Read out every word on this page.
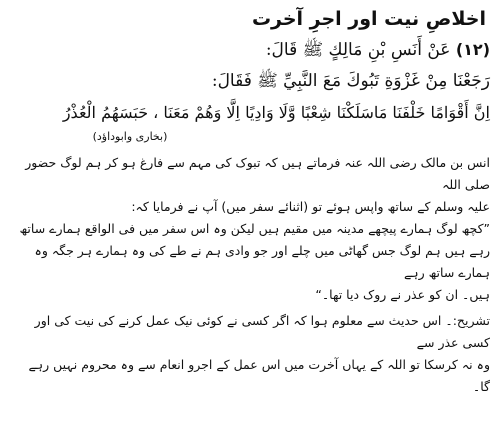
اخلاصِ نیت اور اجرِ آخرت

(۱۲) عَنْ أَنَسِ بْنِ مَالِكٍ ﷺ قَالَ:

رَجَعْنَا مِنْ غَزْوَةِ تَبُوكَ مَعَ النَّبِيِّ ﷺ فَقَالَ:

اِنَّ أَقْوَامًا خَلْفَنَا مَاسَلَكْنَا شِعْبًا وَّلَا وَادِيًا اِلَّا وَهُمْ مَعَنَا ، حَبَسَهُمُ الْعُذْرُ

(بخاری وابوداؤد)

انس بن مالک رضی اللہ عنہ فرماتے ہیں کہ تبوک کی مہم سے فارغ ہو کر ہم لوگ حضور صلی اللہ

علیہ وسلم کے ساتھ واپس ہوئے تو (اثنائے سفر میں) آپ نے فرمایا کہ:

”کچھ لوگ ہمارے پیچھے مدینہ میں مقیم ہیں لیکن وہ اس سفر میں فی الواقع ہمارے ساتھ

رہے ہیں ہم لوگ جس گھاٹی میں چلے اور جو وادی ہم نے طے کی وہ ہمارے ہر جگہ وہ ہمارے ساتھ رہے

ہیں۔ ان کو عذر نے روک دیا تھا۔“

تشریح:۔ اس حدیث سے معلوم ہوا کہ اگر کسی نے کوئی نیک عمل کرنے کی نیت کی اور کسی عذر سے

وہ نہ کرسکا تو اللہ کے یہاں آخرت میں اس عمل کے اجرو انعام سے وہ محروم نہیں رہے گا۔
